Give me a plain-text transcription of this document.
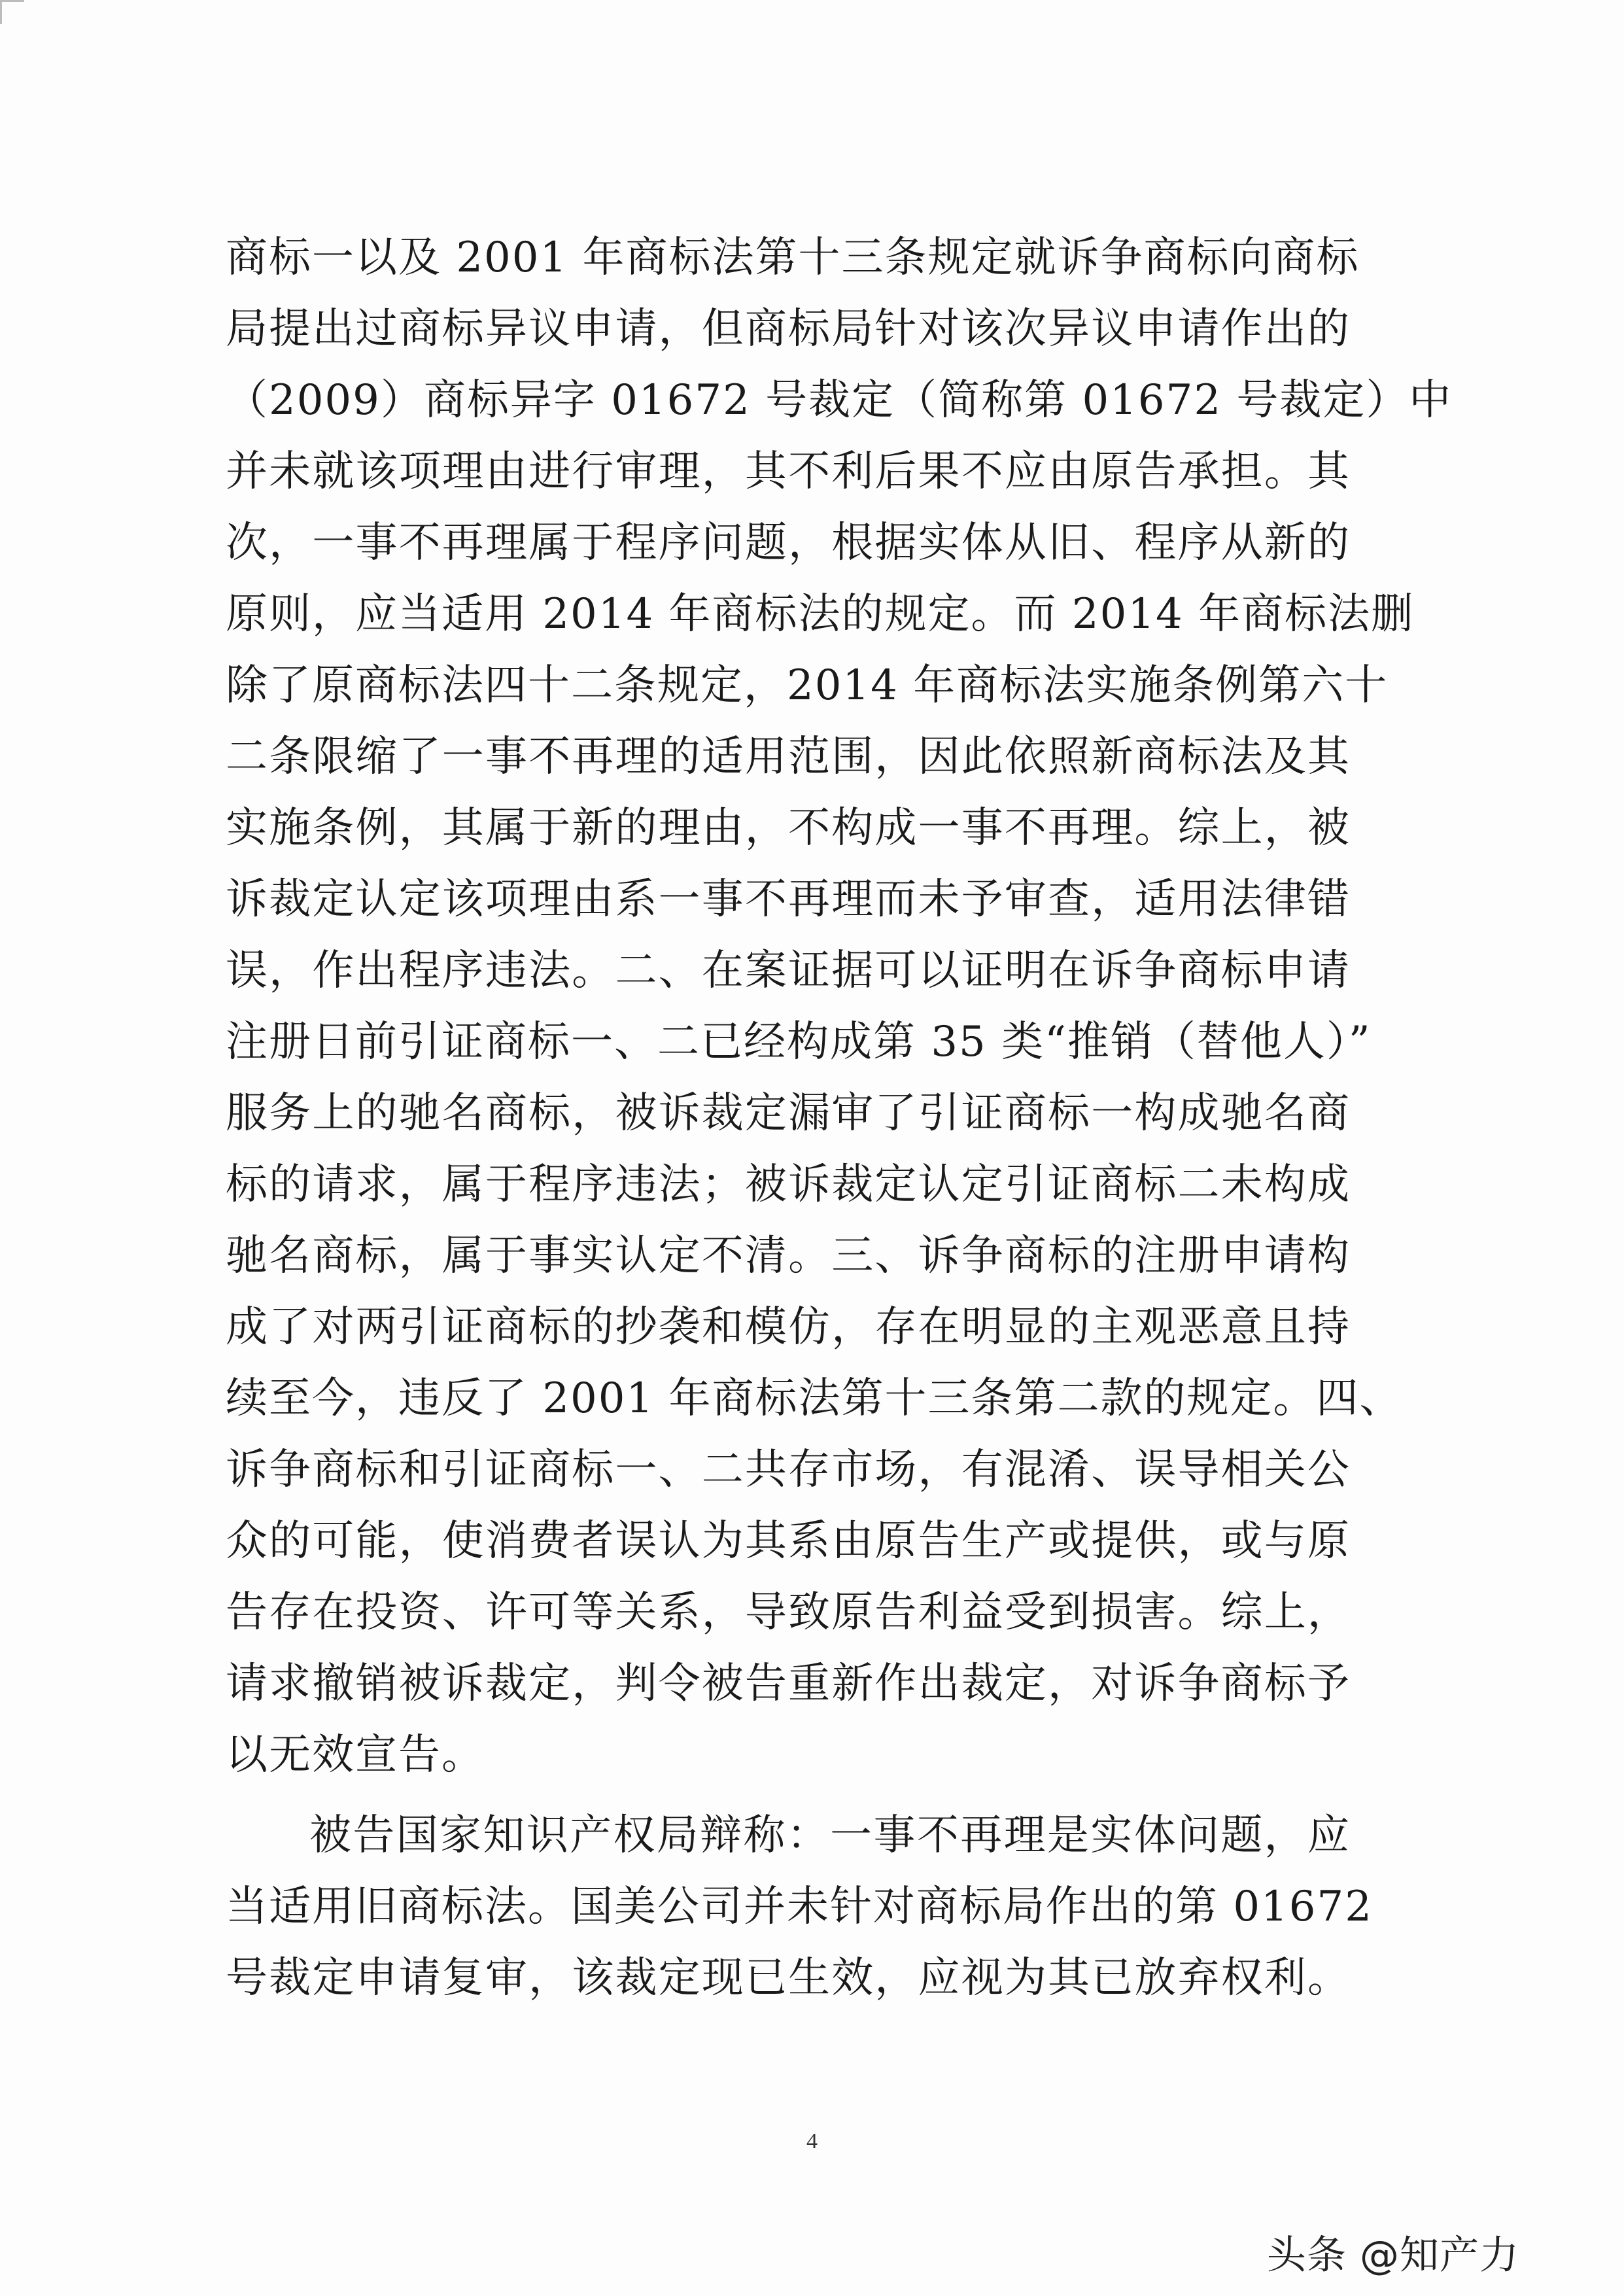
商标一以及 2001 年商标法第十三条规定就诉争商标向商标
局提出过商标异议申请，但商标局针对该次异议申请作出的
（2009）商标异字 01672 号裁定（简称第 01672 号裁定）中
并未就该项理由进行审理，其不利后果不应由原告承担。其
次，一事不再理属于程序问题，根据实体从旧、程序从新的
原则，应当适用 2014 年商标法的规定。而 2014 年商标法删
除了原商标法四十二条规定，2014 年商标法实施条例第六十
二条限缩了一事不再理的适用范围，因此依照新商标法及其
实施条例，其属于新的理由，不构成一事不再理。综上，被
诉裁定认定该项理由系一事不再理而未予审查，适用法律错
误，作出程序违法。二、在案证据可以证明在诉争商标申请
注册日前引证商标一、二已经构成第 35 类“推销（替他人）”
服务上的驰名商标，被诉裁定漏审了引证商标一构成驰名商
标的请求，属于程序违法；被诉裁定认定引证商标二未构成
驰名商标，属于事实认定不清。三、诉争商标的注册申请构
成了对两引证商标的抄袭和模仿，存在明显的主观恶意且持
续至今，违反了 2001 年商标法第十三条第二款的规定。四、
诉争商标和引证商标一、二共存市场，有混淆、误导相关公
众的可能，使消费者误认为其系由原告生产或提供，或与原
告存在投资、许可等关系，导致原告利益受到损害。综上，
请求撤销被诉裁定，判令被告重新作出裁定，对诉争商标予
以无效宣告。
被告国家知识产权局辩称：一事不再理是实体问题，应
当适用旧商标法。国美公司并未针对商标局作出的第 01672
号裁定申请复审，该裁定现已生效，应视为其已放弃权利。
4
头条 @知产力
